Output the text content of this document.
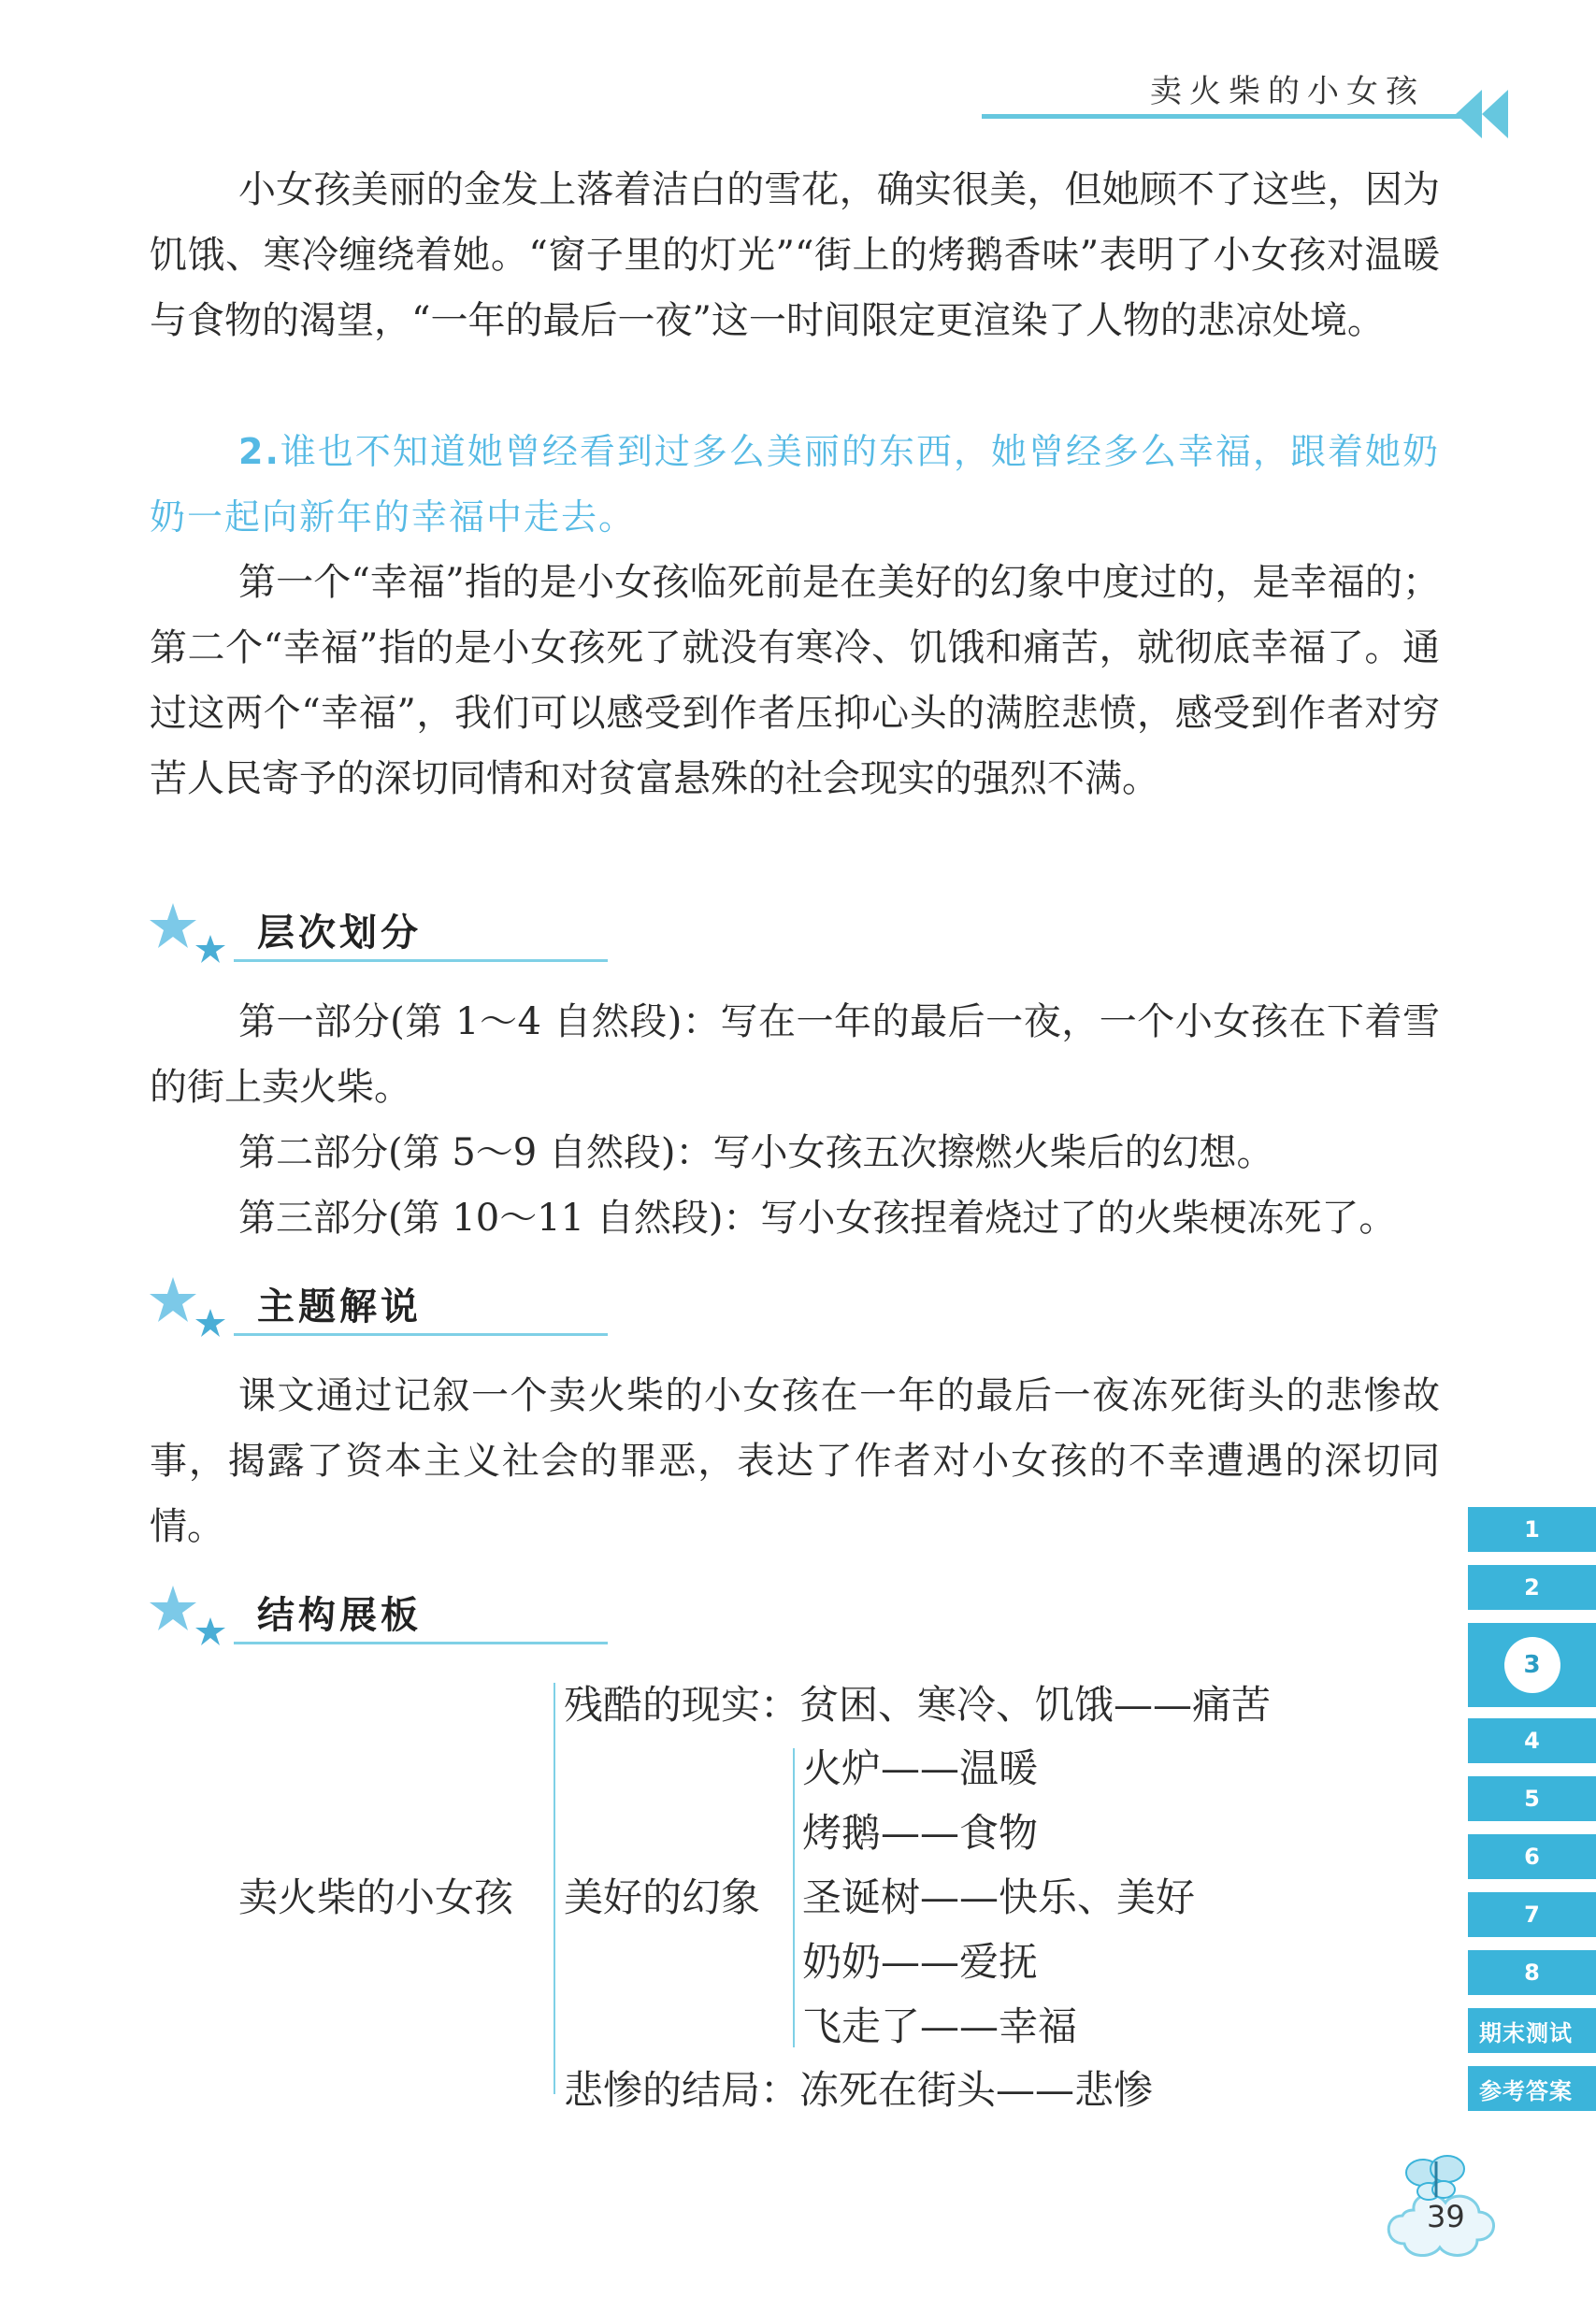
卖火柴的小女孩

小女孩美丽的金发上落着洁白的雪花，确实很美，但她顾不了这些，因为饥饿、寒冷缠绕着她。“窗子里的灯光”“街上的烤鹅香味”表明了小女孩对温暖与食物的渴望，“一年的最后一夜”这一时间限定更渲染了人物的悲凉处境。

2.谁也不知道她曾经看到过多么美丽的东西，她曾经多么幸福，跟着她奶奶一起向新年的幸福中走去。

第一个“幸福”指的是小女孩临死前是在美好的幻象中度过的，是幸福的；第二个“幸福”指的是小女孩死了就没有寒冷、饥饿和痛苦，就彻底幸福了。通过这两个“幸福”，我们可以感受到作者压抑心头的满腔悲愤，感受到作者对穷苦人民寄予的深切同情和对贫富悬殊的社会现实的强烈不满。

层次划分

第一部分(第 1～4 自然段)：写在一年的最后一夜，一个小女孩在下着雪的街上卖火柴。

第二部分(第 5～9 自然段)：写小女孩五次擦燃火柴后的幻想。

第三部分(第 10～11 自然段)：写小女孩捏着烧过了的火柴梗冻死了。

主题解说

课文通过记叙一个卖火柴的小女孩在一年的最后一夜冻死街头的悲惨故事，揭露了资本主义社会的罪恶，表达了作者对小女孩的不幸遭遇的深切同情。

结构展板
卖火柴的小女孩
残酷的现实：贫困、寒冷、饥饿——痛苦
美好的幻象
火炉——温暖
烤鹅——食物
圣诞树——快乐、美好
奶奶——爱抚
飞走了——幸福
悲惨的结局：冻死在街头——悲惨
1
2
3
4
5
6
7
8
期末测试
参考答案
39
